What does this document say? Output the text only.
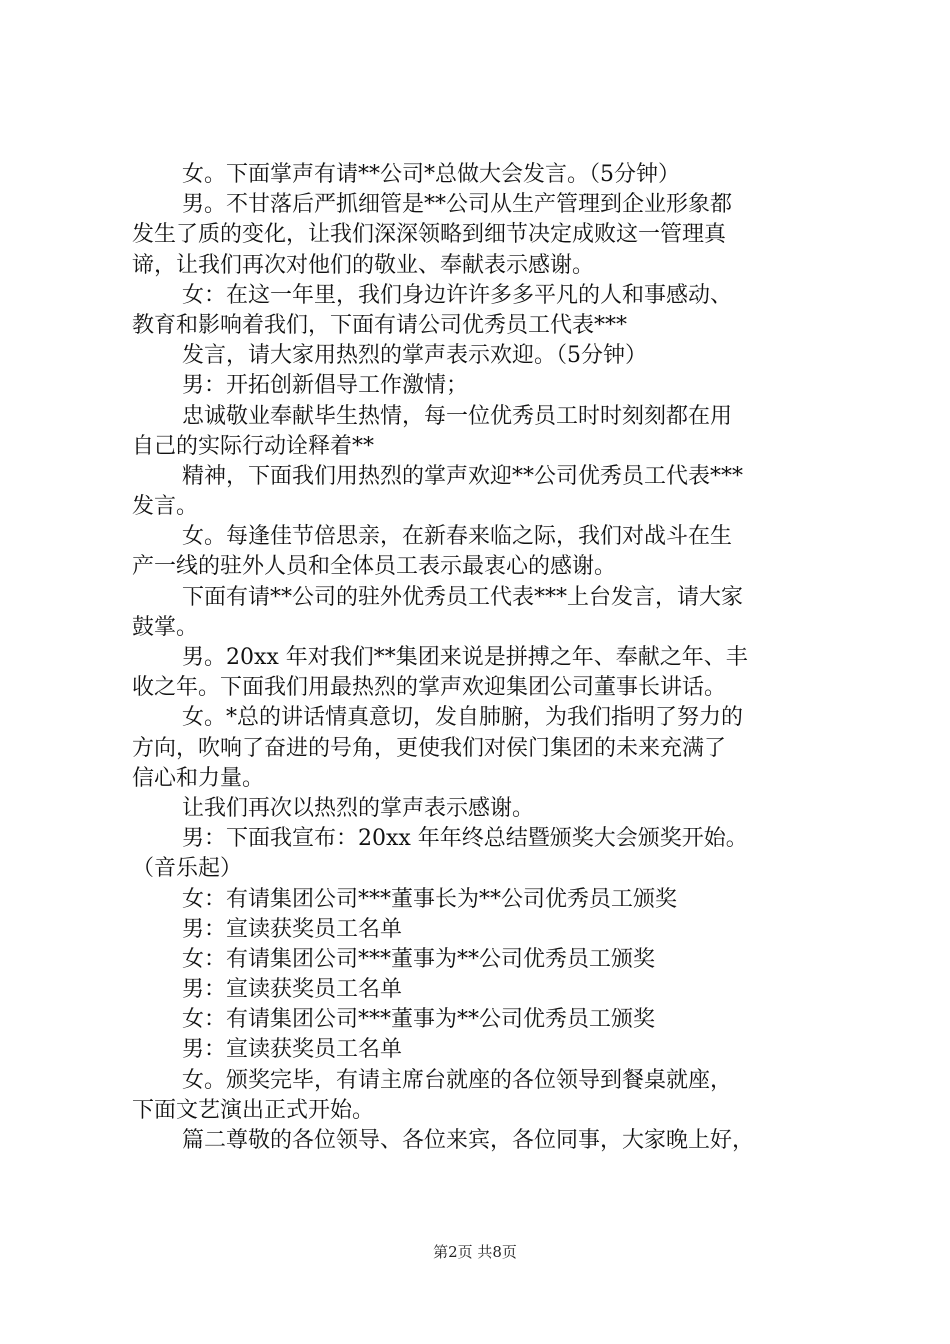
女。下面掌声有请**公司*总做大会发言。（5分钟）
男。不甘落后严抓细管是**公司从生产管理到企业形象都
发生了质的变化，让我们深深领略到细节决定成败这一管理真
谛，让我们再次对他们的敬业、奉献表示感谢。
女：在这一年里，我们身边许许多多平凡的人和事感动、
教育和影响着我们，下面有请公司优秀员工代表***
发言，请大家用热烈的掌声表示欢迎。（5分钟）
男：开拓创新倡导工作激情；
忠诚敬业奉献毕生热情，每一位优秀员工时时刻刻都在用
自己的实际行动诠释着**
精神，下面我们用热烈的掌声欢迎**公司优秀员工代表***
发言。
女。每逢佳节倍思亲，在新春来临之际，我们对战斗在生
产一线的驻外人员和全体员工表示最衷心的感谢。
下面有请**公司的驻外优秀员工代表***上台发言，请大家
鼓掌。
男。20xx 年对我们**集团来说是拼搏之年、奉献之年、丰
收之年。下面我们用最热烈的掌声欢迎集团公司董事长讲话。
女。*总的讲话情真意切，发自肺腑，为我们指明了努力的
方向，吹响了奋进的号角，更使我们对侯门集团的未来充满了
信心和力量。
让我们再次以热烈的掌声表示感谢。
男：下面我宣布：20xx 年年终总结暨颁奖大会颁奖开始。
（音乐起）
女：有请集团公司***董事长为**公司优秀员工颁奖
男：宣读获奖员工名单
女：有请集团公司***董事为**公司优秀员工颁奖
男：宣读获奖员工名单
女：有请集团公司***董事为**公司优秀员工颁奖
男：宣读获奖员工名单
女。颁奖完毕，有请主席台就座的各位领导到餐桌就座，
下面文艺演出正式开始。
篇二尊敬的各位领导、各位来宾，各位同事，大家晚上好，
第2页 共8页
